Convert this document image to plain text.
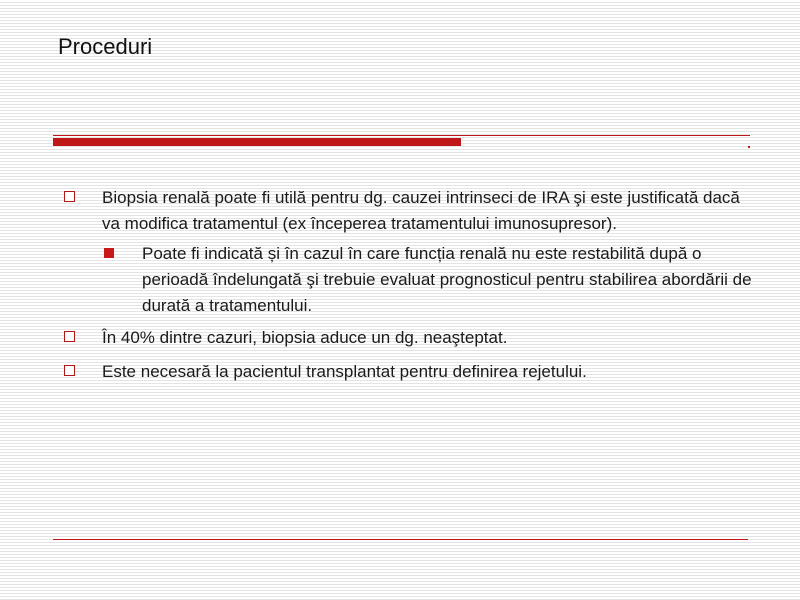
Proceduri
Biopsia renală poate fi utilă pentru dg. cauzei intrinseci de IRA şi este justificată dacă va modifica tratamentul (ex începerea tratamentului imunosupresor).
Poate fi indicată și în cazul în care funcția renală nu este restabilită după o perioadă îndelungată şi trebuie evaluat prognosticul pentru stabilirea abordării de durată a tratamentului.
În 40% dintre cazuri, biopsia aduce un dg. neaşteptat.
Este necesară la pacientul transplantat pentru definirea rejetului.
